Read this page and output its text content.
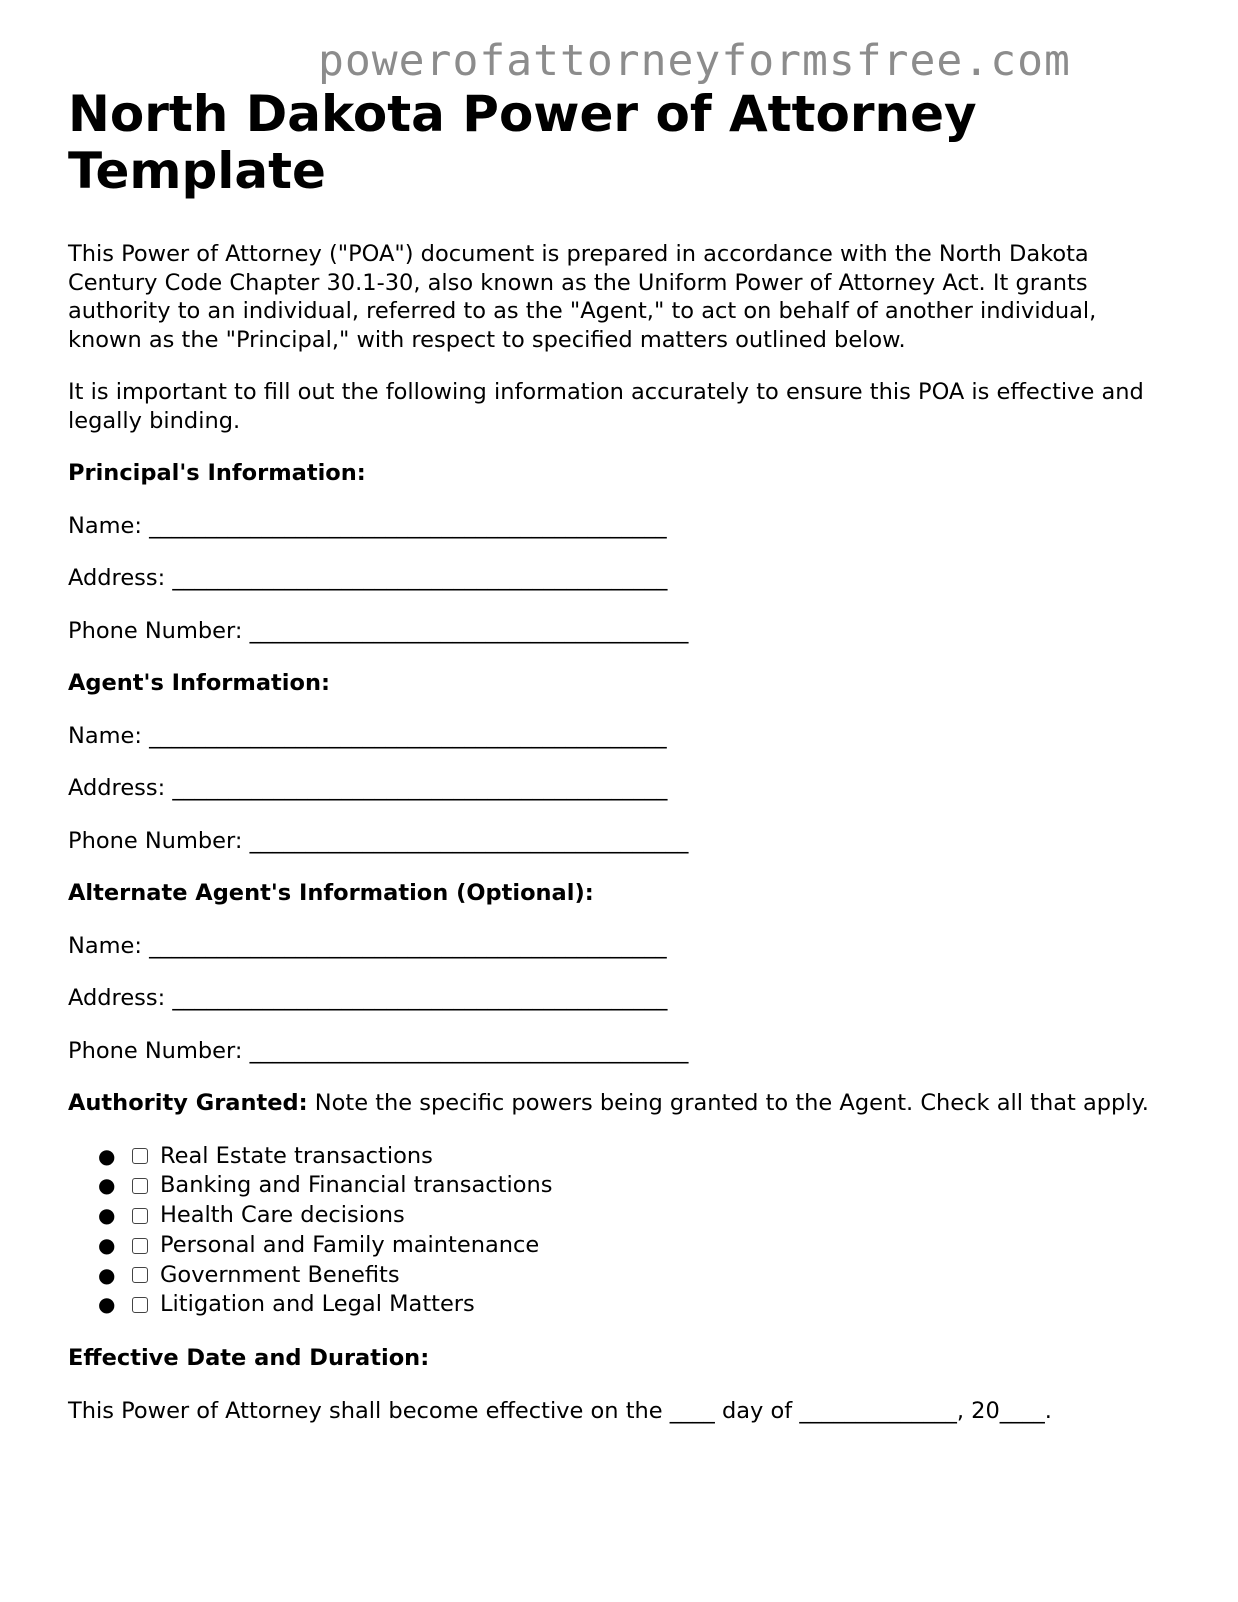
powerofattorneyformsfree.com
North Dakota Power of Attorney Template

This Power of Attorney ("POA") document is prepared in accordance with the North Dakota Century Code Chapter 30.1-30, also known as the Uniform Power of Attorney Act. It grants authority to an individual, referred to as the "Agent," to act on behalf of another individual, known as the "Principal," with respect to specified matters outlined below.

It is important to fill out the following information accurately to ensure this POA is effective and legally binding.

Principal's Information:

Name: ______________________________________________

Address: ____________________________________________

Phone Number: _______________________________________

Agent's Information:

Name: ______________________________________________

Address: ____________________________________________

Phone Number: _______________________________________

Alternate Agent's Information (Optional):

Name: ______________________________________________

Address: ____________________________________________

Phone Number: _______________________________________

Authority Granted: Note the specific powers being granted to the Agent. Check all that apply.

● Real Estate transactions
● Banking and Financial transactions
● Health Care decisions
● Personal and Family maintenance
● Government Benefits
● Litigation and Legal Matters

Effective Date and Duration:

This Power of Attorney shall become effective on the ____ day of ______________, 20____.
